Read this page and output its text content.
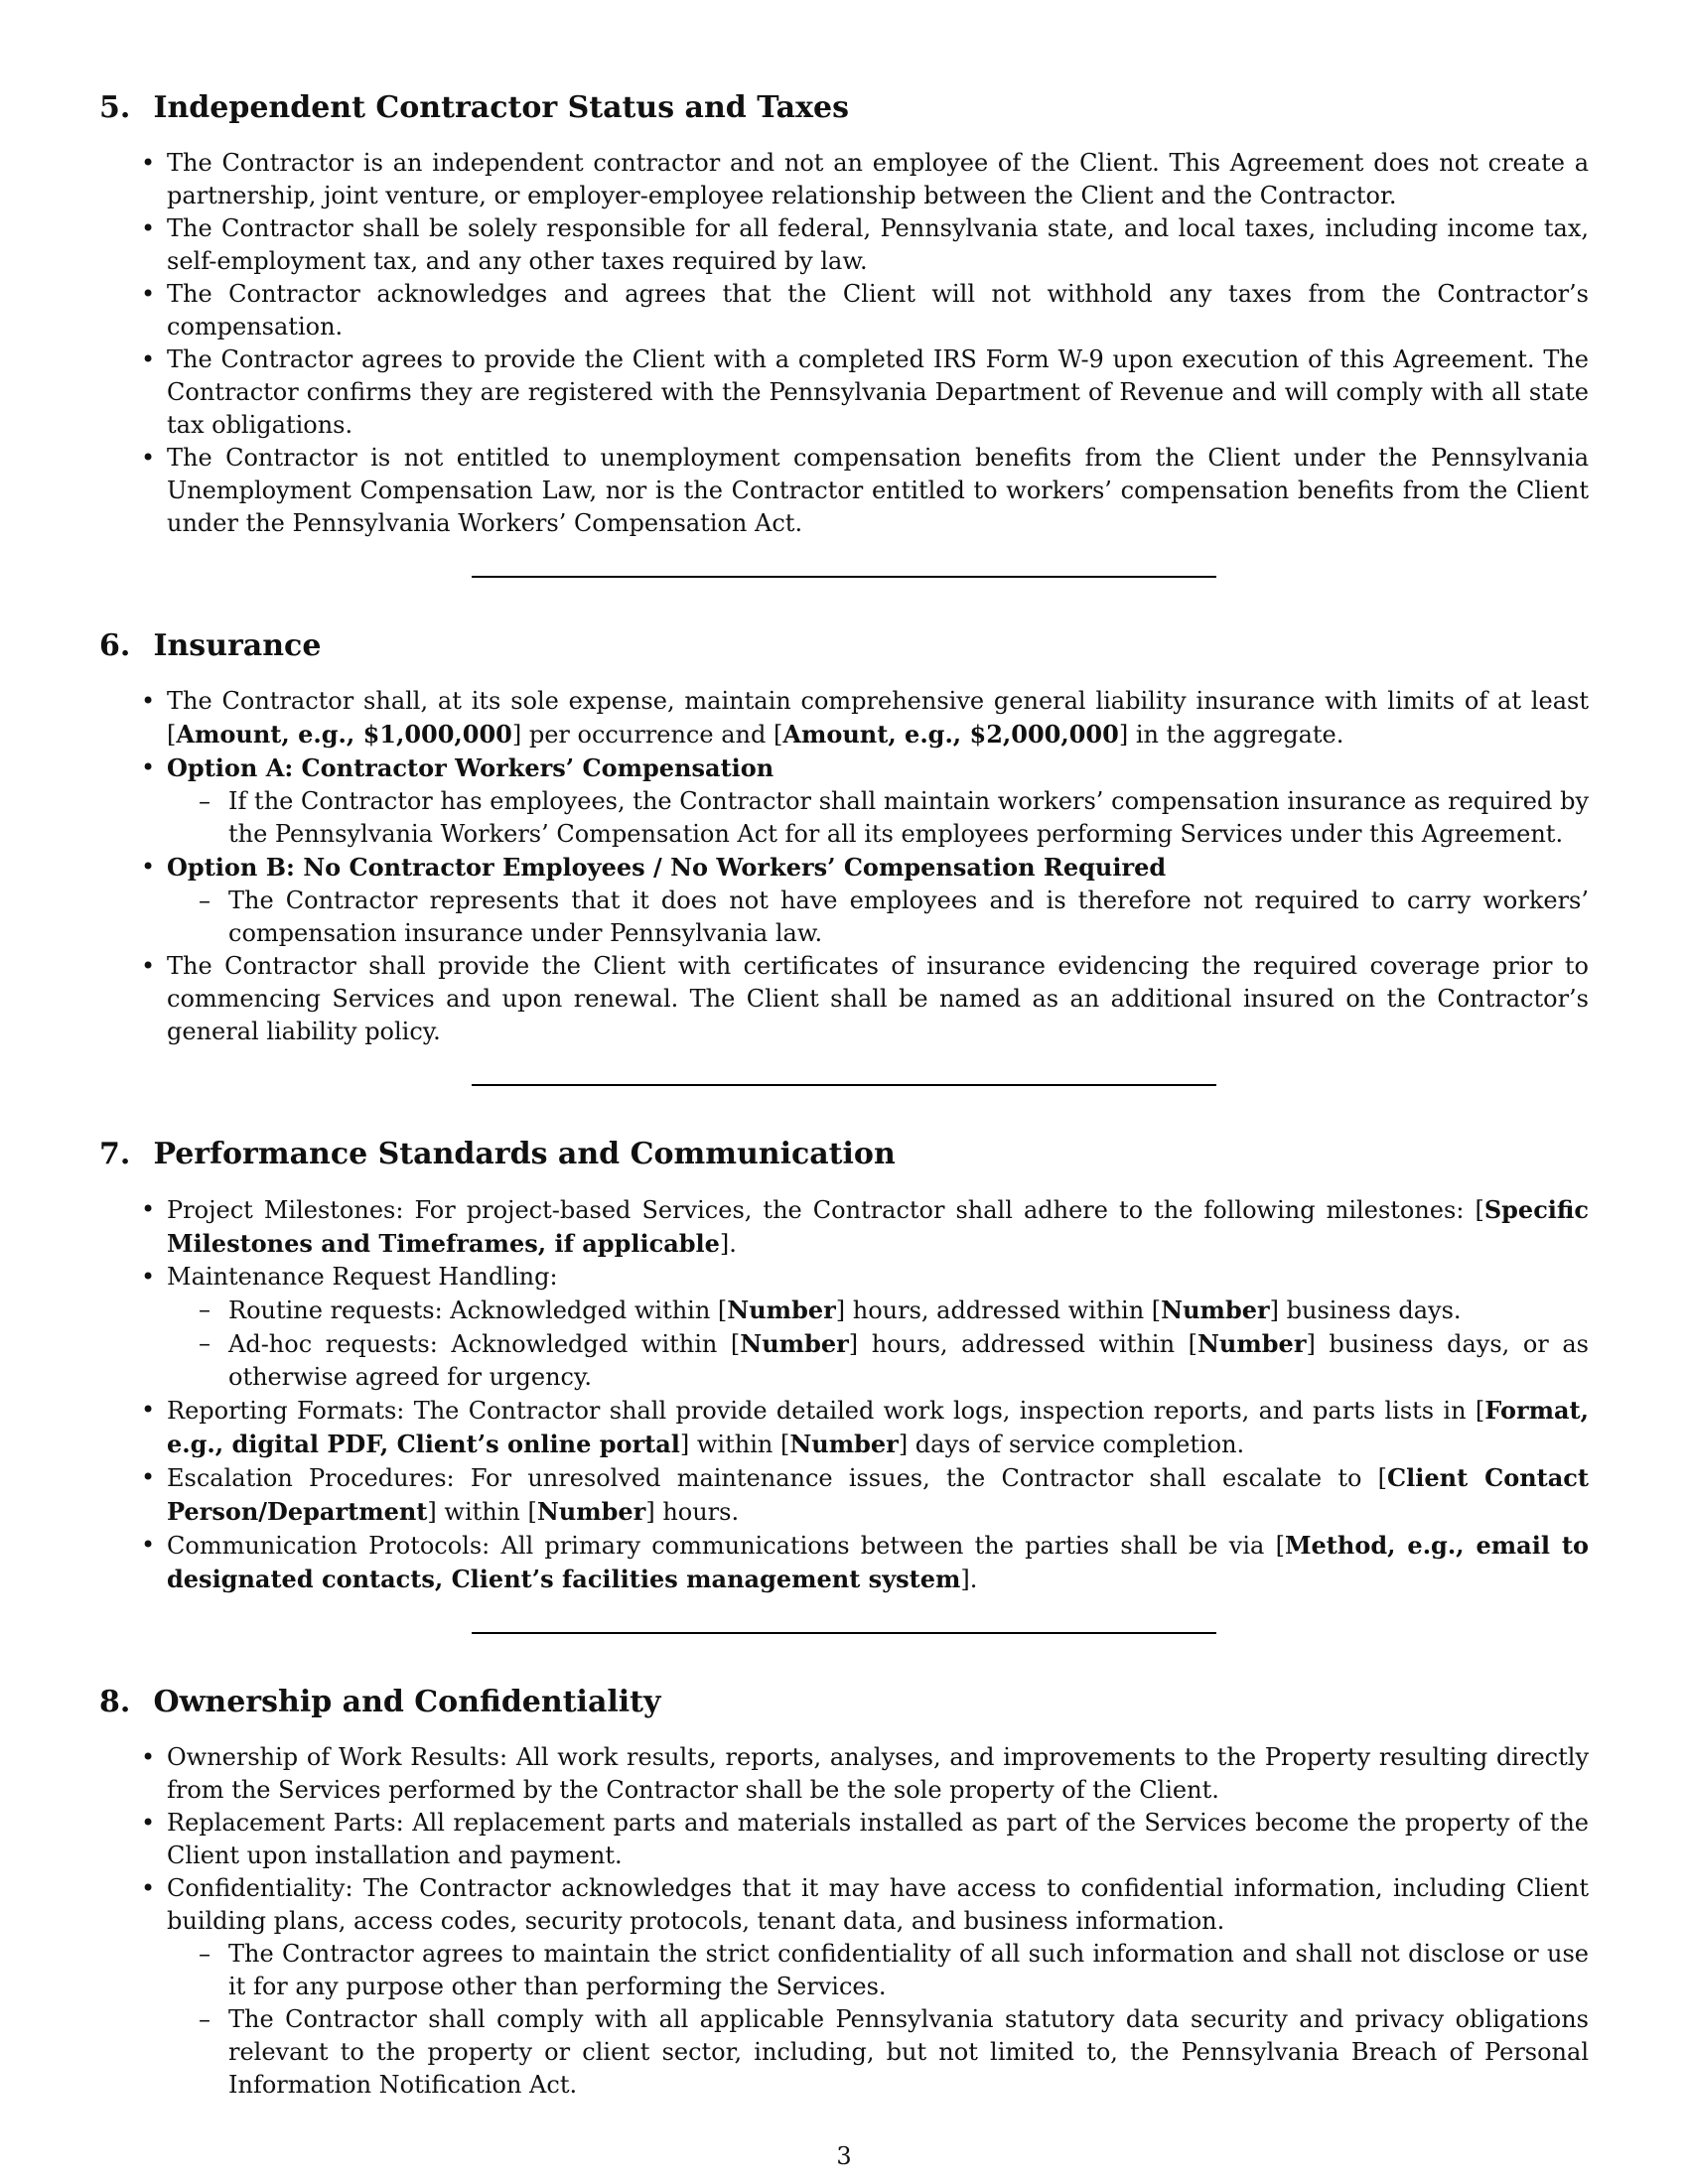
5. Independent Contractor Status and Taxes
• The Contractor is an independent contractor and not an employee of the Client. This Agreement does not create a partnership, joint venture, or employer-employee relationship between the Client and the Contractor.
• The Contractor shall be solely responsible for all federal, Pennsylvania state, and local taxes, including income tax, self-employment tax, and any other taxes required by law.
• The Contractor acknowledges and agrees that the Client will not withhold any taxes from the Contractor’s compensation.
• The Contractor agrees to provide the Client with a completed IRS Form W-9 upon execution of this Agreement. The Contractor confirms they are registered with the Pennsylvania Department of Revenue and will comply with all state tax obligations.
• The Contractor is not entitled to unemployment compensation benefits from the Client under the Pennsylvania Unemployment Compensation Law, nor is the Contractor entitled to workers’ compensation benefits from the Client under the Pennsylvania Workers’ Compensation Act.
6. Insurance
• The Contractor shall, at its sole expense, maintain comprehensive general liability insurance with limits of at least [Amount, e.g., $1,000,000] per occurrence and [Amount, e.g., $2,000,000] in the aggregate.
• Option A: Contractor Workers’ Compensation
– If the Contractor has employees, the Contractor shall maintain workers’ compensation insurance as required by the Pennsylvania Workers’ Compensation Act for all its employees performing Services under this Agreement.
• Option B: No Contractor Employees / No Workers’ Compensation Required
– The Contractor represents that it does not have employees and is therefore not required to carry workers’ compensation insurance under Pennsylvania law.
• The Contractor shall provide the Client with certificates of insurance evidencing the required coverage prior to commencing Services and upon renewal. The Client shall be named as an additional insured on the Contractor’s general liability policy.
7. Performance Standards and Communication
• Project Milestones: For project-based Services, the Contractor shall adhere to the following milestones: [Specific Milestones and Timeframes, if applicable].
• Maintenance Request Handling:
– Routine requests: Acknowledged within [Number] hours, addressed within [Number] business days.
– Ad-hoc requests: Acknowledged within [Number] hours, addressed within [Number] business days, or as otherwise agreed for urgency.
• Reporting Formats: The Contractor shall provide detailed work logs, inspection reports, and parts lists in [Format, e.g., digital PDF, Client’s online portal] within [Number] days of service completion.
• Escalation Procedures: For unresolved maintenance issues, the Contractor shall escalate to [Client Contact Person/Department] within [Number] hours.
• Communication Protocols: All primary communications between the parties shall be via [Method, e.g., email to designated contacts, Client’s facilities management system].
8. Ownership and Confidentiality
• Ownership of Work Results: All work results, reports, analyses, and improvements to the Property resulting directly from the Services performed by the Contractor shall be the sole property of the Client.
• Replacement Parts: All replacement parts and materials installed as part of the Services become the property of the Client upon installation and payment.
• Confidentiality: The Contractor acknowledges that it may have access to confidential information, including Client building plans, access codes, security protocols, tenant data, and business information.
– The Contractor agrees to maintain the strict confidentiality of all such information and shall not disclose or use it for any purpose other than performing the Services.
– The Contractor shall comply with all applicable Pennsylvania statutory data security and privacy obligations relevant to the property or client sector, including, but not limited to, the Pennsylvania Breach of Personal Information Notification Act.
3
